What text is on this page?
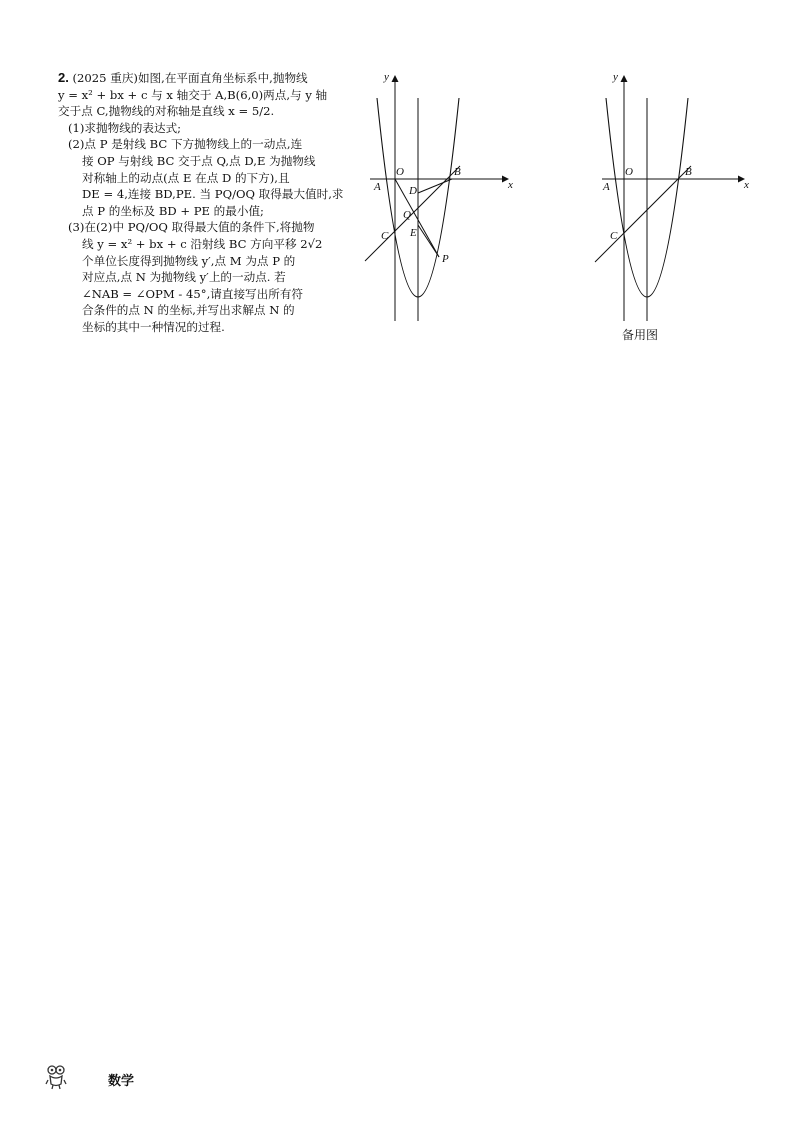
2. (2025 重庆)如图,在平面直角坐标系中,抛物线

y = x² + bx + c 与 x 轴交于 A,B(6,0)两点,与 y 轴

交于点 C,抛物线的对称轴是直线 x = 5/2.

(1)求抛物线的表达式;

(2)点 P 是射线 BC 下方抛物线上的一动点,连

接 OP 与射线 BC 交于点 Q,点 D,E 为抛物线

对称轴上的动点(点 E 在点 D 的下方),且

DE = 4,连接 BD,PE. 当 PQ/OQ 取得最大值时,求

点 P 的坐标及 BD + PE 的最小值;

(3)在(2)中 PQ/OQ 取得最大值的条件下,将抛物

线 y = x² + bx + c 沿射线 BC 方向平移 2√2

个单位长度得到抛物线 y′,点 M 为点 P 的

对应点,点 N 为抛物线 y′上的一动点. 若

∠NAB = ∠OPM - 45°,请直接写出所有符

合条件的点 N 的坐标,并写出求解点 N 的

坐标的其中一种情况的过程.

y
x
O
A
B
C
D
Q
E
P
y
x
O
A
B
C
备用图
数学
